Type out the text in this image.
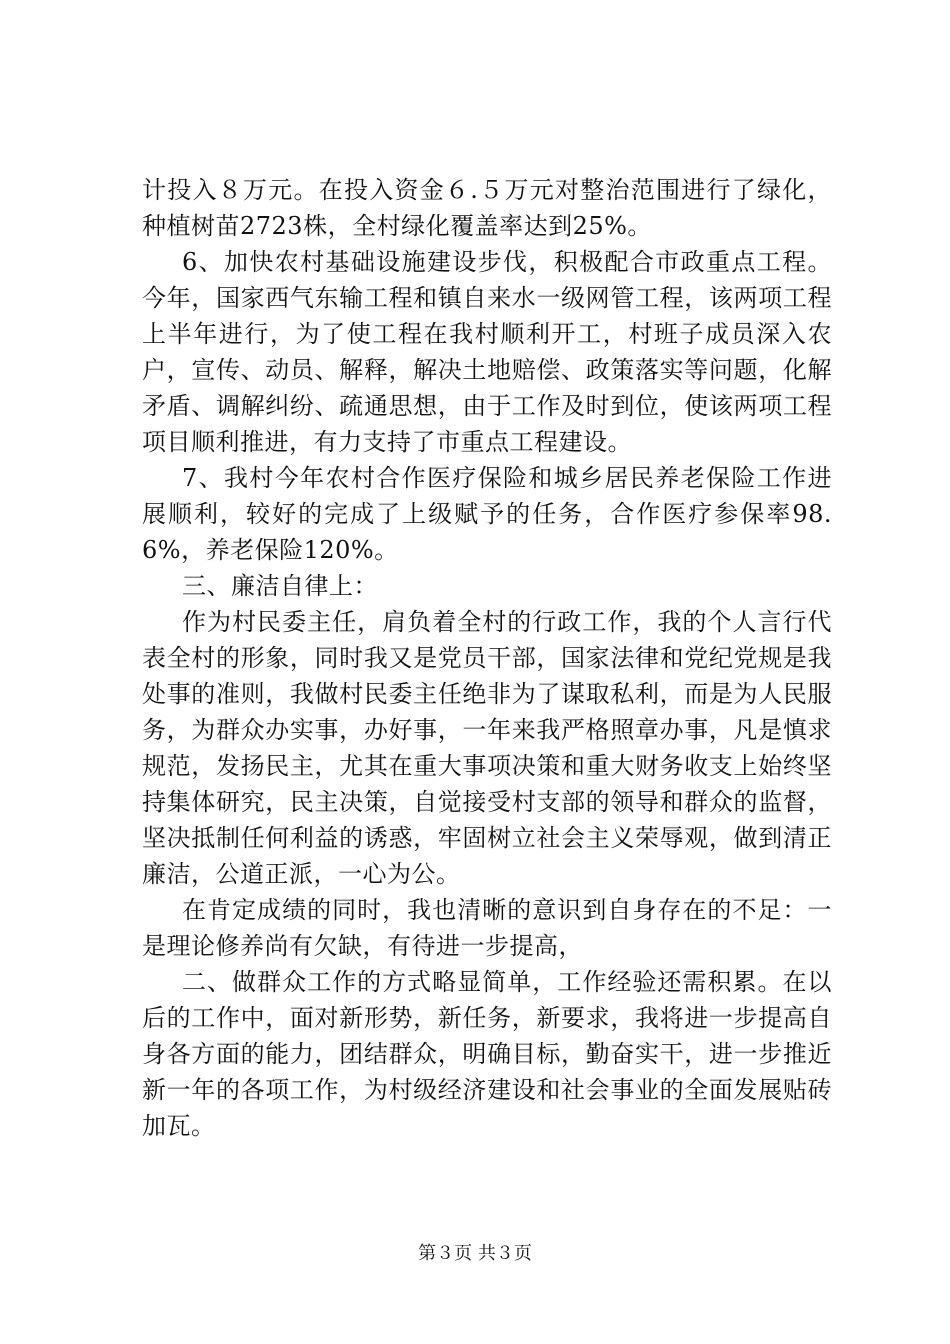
计投入８万元。在投入资金６.５万元对整治范围进行了绿化，种植树苗2723株，全村绿化覆盖率达到25%。

6、加快农村基础设施建设步伐，积极配合市政重点工程。今年，国家西气东输工程和镇自来水一级网管工程，该两项工程上半年进行，为了使工程在我村顺利开工，村班子成员深入农户，宣传、动员、解释，解决土地赔偿、政策落实等问题，化解矛盾、调解纠纷、疏通思想，由于工作及时到位，使该两项工程项目顺利推进，有力支持了市重点工程建设。

7、我村今年农村合作医疗保险和城乡居民养老保险工作进展顺利，较好的完成了上级赋予的任务，合作医疗参保率98.6%，养老保险120%。

三、廉洁自律上：

作为村民委主任，肩负着全村的行政工作，我的个人言行代表全村的形象，同时我又是党员干部，国家法律和党纪党规是我处事的准则，我做村民委主任绝非为了谋取私利，而是为人民服务，为群众办实事，办好事，一年来我严格照章办事，凡是慎求规范，发扬民主，尤其在重大事项决策和重大财务收支上始终坚持集体研究，民主决策，自觉接受村支部的领导和群众的监督，坚决抵制任何利益的诱惑，牢固树立社会主义荣辱观，做到清正廉洁，公道正派，一心为公。

在肯定成绩的同时，我也清晰的意识到自身存在的不足：一是理论修养尚有欠缺，有待进一步提高，

二、做群众工作的方式略显简单，工作经验还需积累。在以后的工作中，面对新形势，新任务，新要求，我将进一步提高自身各方面的能力，团结群众，明确目标，勤奋实干，进一步推近新一年的各项工作，为村级经济建设和社会事业的全面发展贴砖加瓦。

第３页 共３页
